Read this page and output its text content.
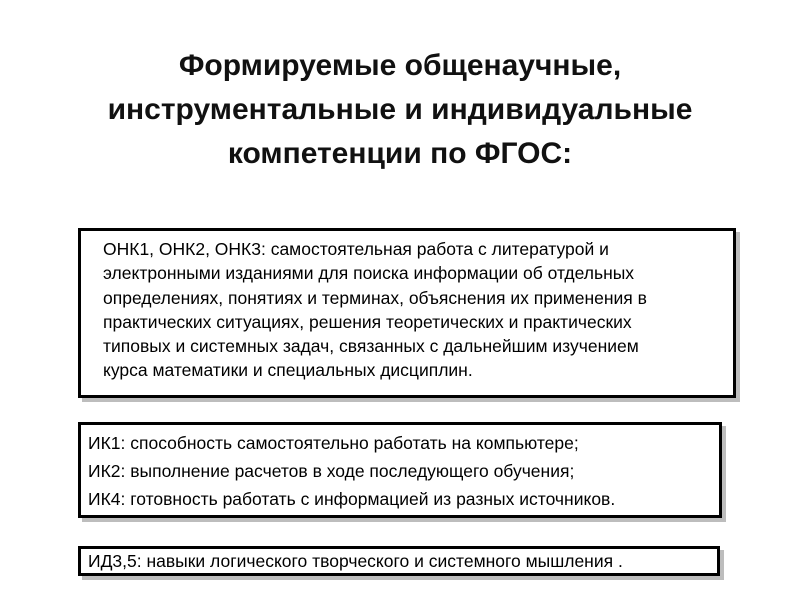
Формируемые общенаучные,
инструментальные и индивидуальные
компетенции по ФГОС:
ОНК1, ОНК2, ОНК3: самостоятельная работа с литературой и
электронными изданиями для поиска информации об отдельных
определениях, понятиях и терминах, объяснения их применения в
практических ситуациях, решения теоретических и практических
типовых и системных задач, связанных с дальнейшим изучением
курса математики и специальных дисциплин.
ИК1: способность самостоятельно работать на компьютере;
ИК2: выполнение расчетов в ходе последующего обучения;
ИК4: готовность работать с информацией из разных источников.
ИД3,5: навыки логического творческого и системного мышления .
